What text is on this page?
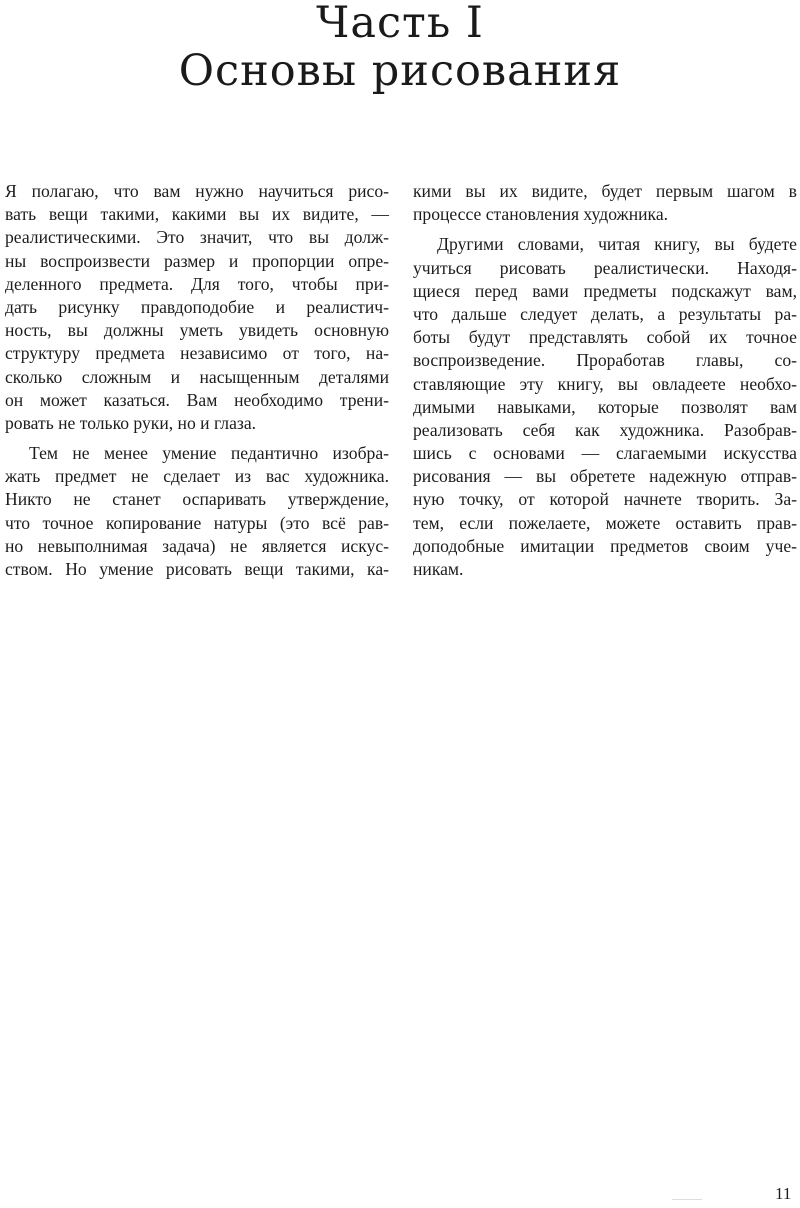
Часть I
Основы рисования
Я полагаю, что вам нужно научиться рисо-
вать вещи такими, какими вы их видите, —
реалистическими. Это значит, что вы долж-
ны воспроизвести размер и пропорции опре-
деленного предмета. Для того, чтобы при-
дать рисунку правдоподобие и реалистич-
ность, вы должны уметь увидеть основную
структуру предмета независимо от того, на-
сколько сложным и насыщенным деталями
он может казаться. Вам необходимо трени-
ровать не только руки, но и глаза.
Тем не менее умение педантично изобра-
жать предмет не сделает из вас художника.
Никто не станет оспаривать утверждение,
что точное копирование натуры (это всё рав-
но невыполнимая задача) не является искус-
ством. Но умение рисовать вещи такими, ка-
кими вы их видите, будет первым шагом в
процессе становления художника.
Другими словами, читая книгу, вы будете
учиться рисовать реалистически. Находя-
щиеся перед вами предметы подскажут вам,
что дальше следует делать, а результаты ра-
боты будут представлять собой их точное
воспроизведение. Проработав главы, со-
ставляющие эту книгу, вы овладеете необхо-
димыми навыками, которые позволят вам
реализовать себя как художника. Разобрав-
шись с основами — слагаемыми искусства
рисования — вы обретете надежную отправ-
ную точку, от которой начнете творить. За-
тем, если пожелаете, можете оставить прав-
доподобные имитации предметов своим уче-
никам.
11
